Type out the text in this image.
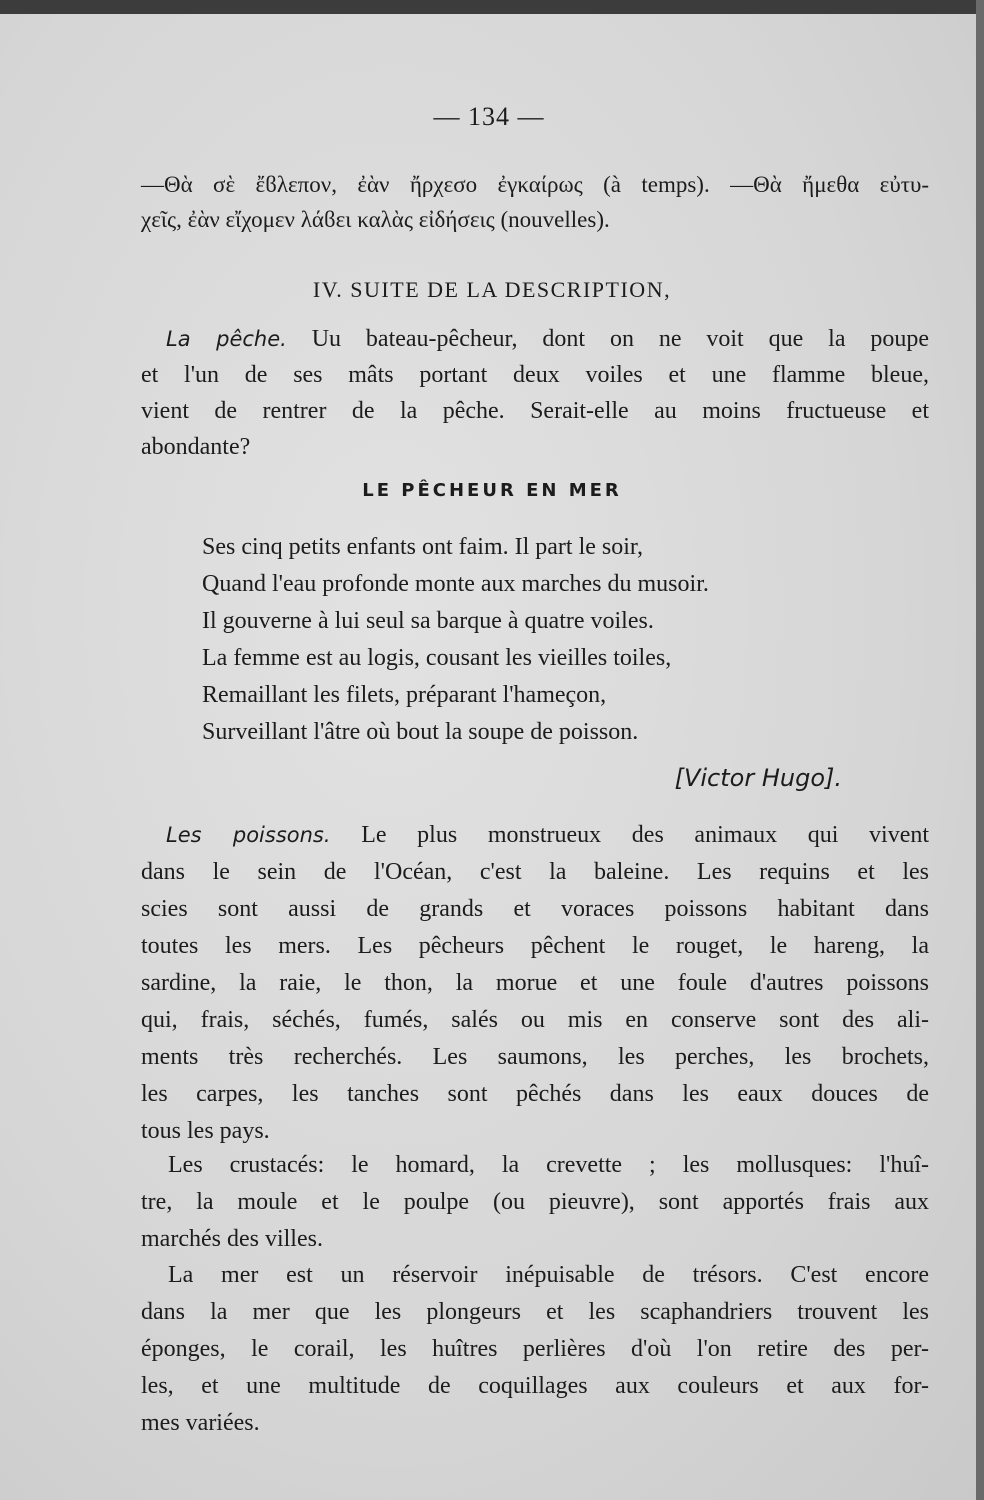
— 134 —
—Θὰ σὲ ἔϐλεπον, ἐὰν ἤρχεσο ἐγκαίρως (à temps). —Θὰ ἤμεθα εὐτυ-
χεῖς, ἐὰν εἴχομεν λάϐει καλὰς εἰδήσεις (nouvelles).
IV. SUITE DE LA DESCRIPTION,
La pêche. Uu bateau-pêcheur, dont on ne voit que la poupe
et l'un de ses mâts portant deux voiles et une flamme bleue,
vient de rentrer de la pêche. Serait-elle au moins fructueuse et
abondante?
LE PÊCHEUR EN MER
Ses cinq petits enfants ont faim. Il part le soir,
Quand l'eau profonde monte aux marches du musoir.
Il gouverne à lui seul sa barque à quatre voiles.
La femme est au logis, cousant les vieilles toiles,
Remaillant les filets, préparant l'hameçon,
Surveillant l'âtre où bout la soupe de poisson.
[Victor Hugo].
Les poissons. Le plus monstrueux des animaux qui vivent
dans le sein de l'Océan, c'est la baleine. Les requins et les
scies sont aussi de grands et voraces poissons habitant dans
toutes les mers. Les pêcheurs pêchent le rouget, le hareng, la
sardine, la raie, le thon, la morue et une foule d'autres poissons
qui, frais, séchés, fumés, salés ou mis en conserve sont des ali-
ments très recherchés. Les saumons, les perches, les brochets,
les carpes, les tanches sont pêchés dans les eaux douces de
tous les pays.
Les crustacés: le homard, la crevette ; les mollusques: l'huî-
tre, la moule et le poulpe (ou pieuvre), sont apportés frais aux
marchés des villes.
La mer est un réservoir inépuisable de trésors. C'est encore
dans la mer que les plongeurs et les scaphandriers trouvent les
éponges, le corail, les huîtres perlières d'où l'on retire des per-
les, et une multitude de coquillages aux couleurs et aux for-
mes variées.
